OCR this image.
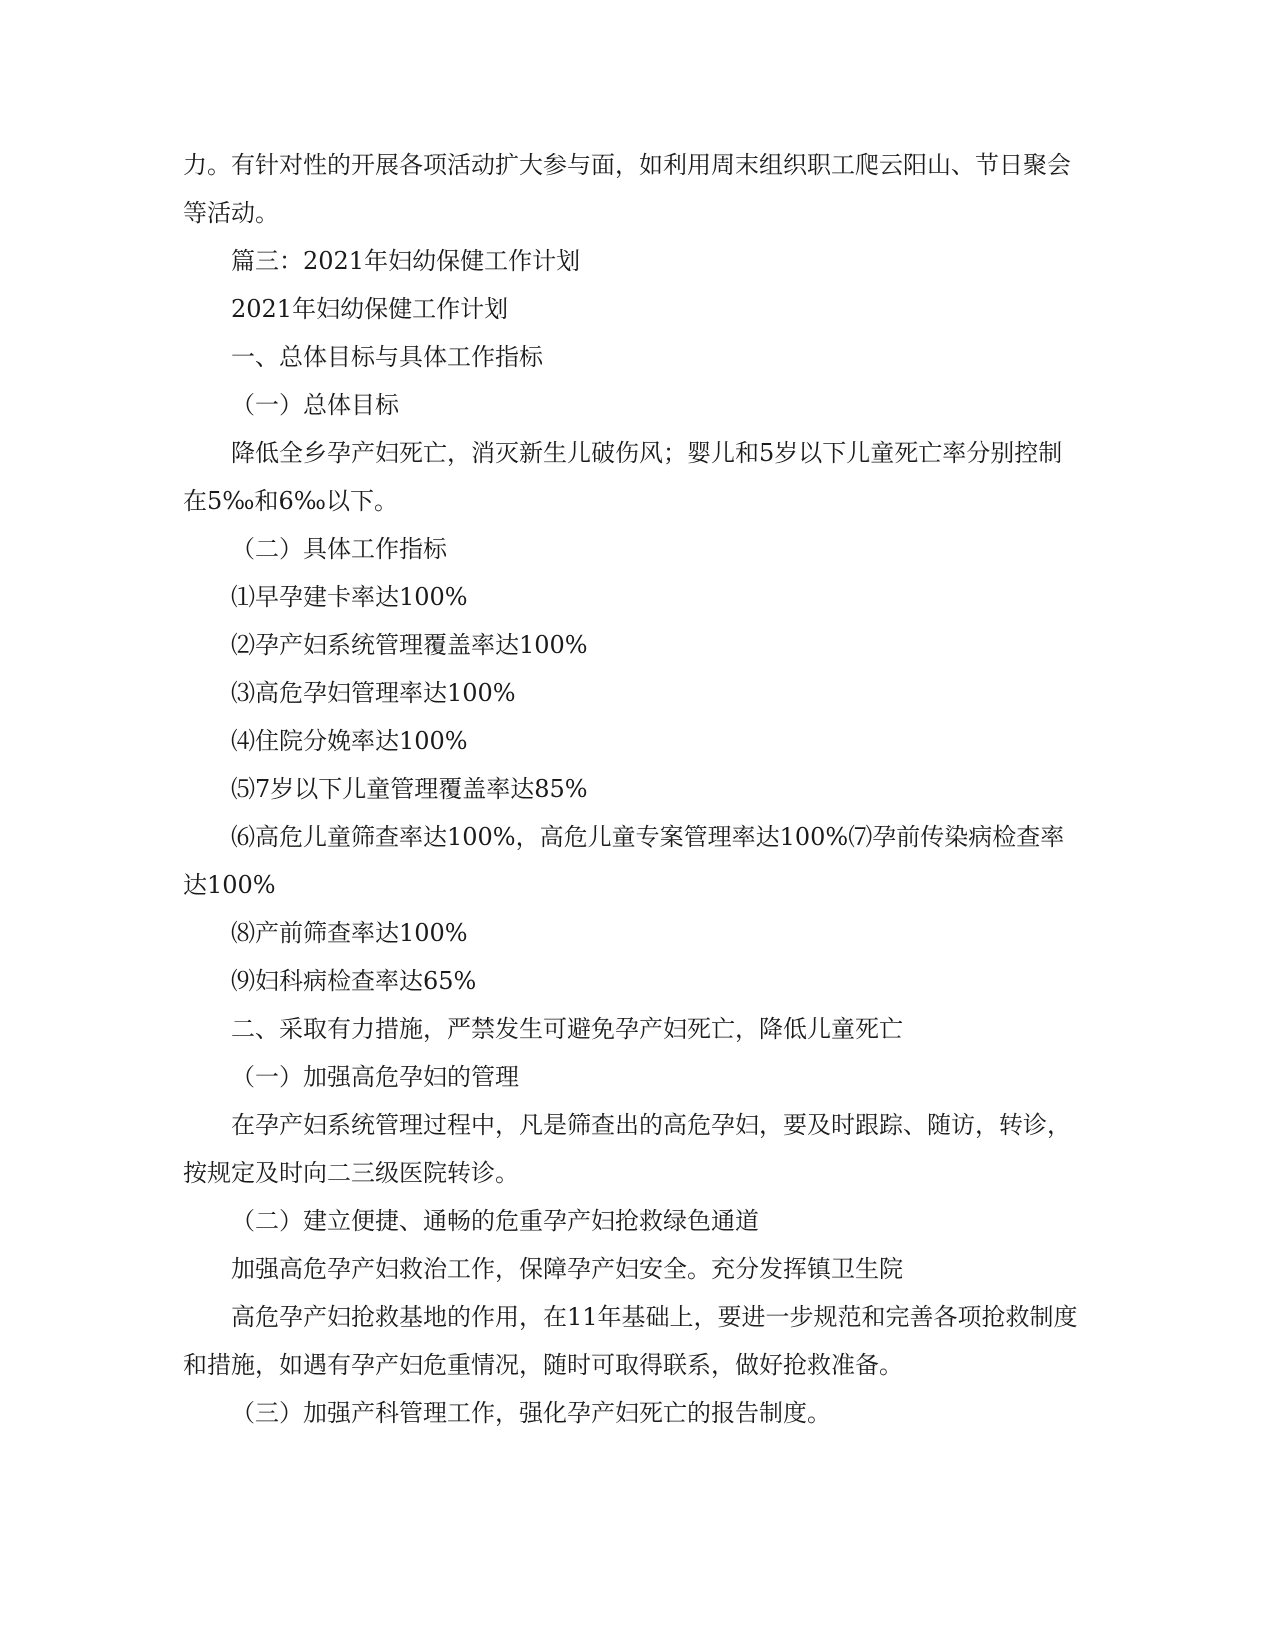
力。有针对性的开展各项活动扩大参与面，如利用周末组织职工爬云阳山、节日聚会等活动。

篇三：2021年妇幼保健工作计划

2021年妇幼保健工作计划

一、总体目标与具体工作指标

（一）总体目标

降低全乡孕产妇死亡，消灭新生儿破伤风；婴儿和5岁以下儿童死亡率分别控制在5‰和6‰以下。

（二）具体工作指标

⑴早孕建卡率达100%

⑵孕产妇系统管理覆盖率达100%

⑶高危孕妇管理率达100%

⑷住院分娩率达100%

⑸7岁以下儿童管理覆盖率达85%

⑹高危儿童筛查率达100%，高危儿童专案管理率达100%⑺孕前传染病检查率达100%

⑻产前筛查率达100%

⑼妇科病检查率达65%

二、采取有力措施，严禁发生可避免孕产妇死亡，降低儿童死亡

（一）加强高危孕妇的管理

在孕产妇系统管理过程中，凡是筛查出的高危孕妇，要及时跟踪、随访，转诊，按规定及时向二三级医院转诊。

（二）建立便捷、通畅的危重孕产妇抢救绿色通道

加强高危孕产妇救治工作，保障孕产妇安全。充分发挥镇卫生院

高危孕产妇抢救基地的作用，在11年基础上，要进一步规范和完善各项抢救制度和措施，如遇有孕产妇危重情况，随时可取得联系，做好抢救准备。

（三）加强产科管理工作，强化孕产妇死亡的报告制度。
